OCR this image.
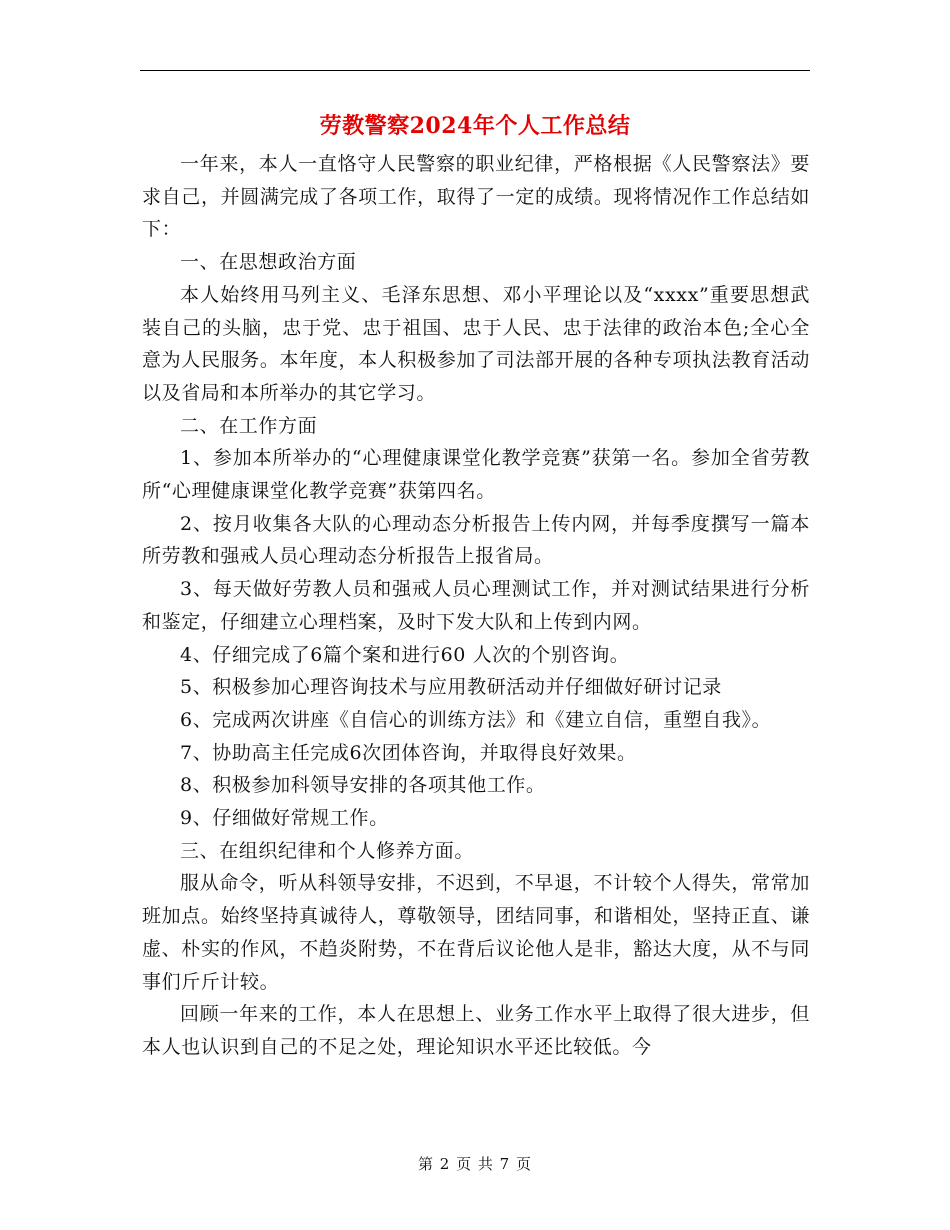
劳教警察2024年个人工作总结

一年来，本人一直恪守人民警察的职业纪律，严格根据《人民警察法》要求自己，并圆满完成了各项工作，取得了一定的成绩。现将情况作工作总结如下：

一、在思想政治方面

本人始终用马列主义、毛泽东思想、邓小平理论以及“xxxx”重要思想武装自己的头脑，忠于党、忠于祖国、忠于人民、忠于法律的政治本色;全心全意为人民服务。本年度，本人积极参加了司法部开展的各种专项执法教育活动以及省局和本所举办的其它学习。

二、在工作方面

1、参加本所举办的“心理健康课堂化教学竞赛”获第一名。参加全省劳教所“心理健康课堂化教学竞赛”获第四名。

2、按月收集各大队的心理动态分析报告上传内网，并每季度撰写一篇本所劳教和强戒人员心理动态分析报告上报省局。

3、每天做好劳教人员和强戒人员心理测试工作，并对测试结果进行分析和鉴定，仔细建立心理档案，及时下发大队和上传到内网。

4、仔细完成了6篇个案和进行60 人次的个别咨询。

5、积极参加心理咨询技术与应用教研活动并仔细做好研讨记录

6、完成两次讲座《自信心的训练方法》和《建立自信，重塑自我》。

7、协助高主任完成6次团体咨询，并取得良好效果。

8、积极参加科领导安排的各项其他工作。

9、仔细做好常规工作。

三、在组织纪律和个人修养方面。

服从命令，听从科领导安排，不迟到，不早退，不计较个人得失，常常加班加点。始终坚持真诚待人，尊敬领导，团结同事，和谐相处，坚持正直、谦虚、朴实的作风，不趋炎附势，不在背后议论他人是非，豁达大度，从不与同事们斤斤计较。

回顾一年来的工作，本人在思想上、业务工作水平上取得了很大进步，但本人也认识到自己的不足之处，理论知识水平还比较低。今

第 2 页 共 7 页
